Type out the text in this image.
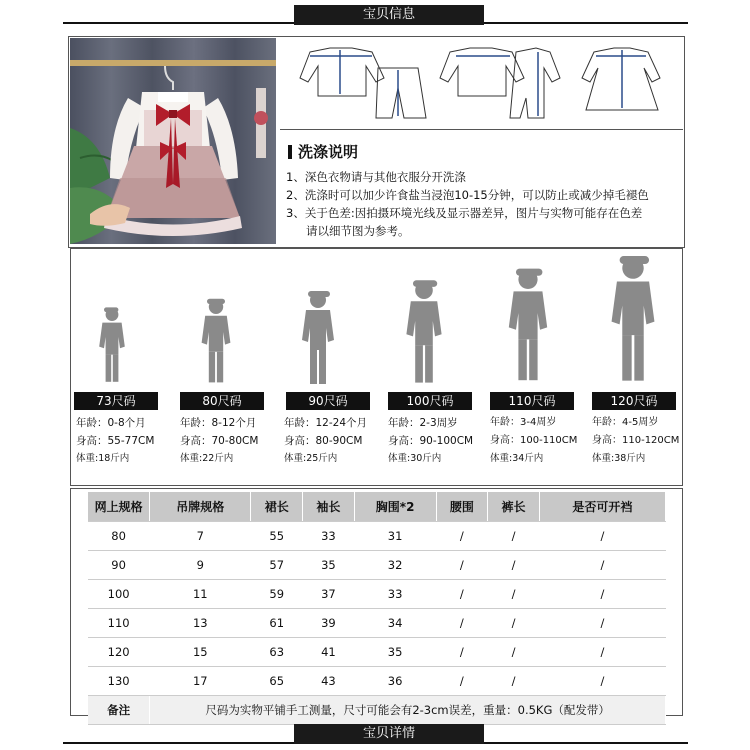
宝贝信息
洗涤说明
1、深色衣物请与其他衣服分开洗涤
2、洗涤时可以加少许食盐当浸泡10-15分钟，可以防止或减少掉毛褪色
3、关于色差:因拍摄环境光线及显示器差异，图片与实物可能存在色差
请以细节图为参考。
73尺码	80尺码	90尺码	100尺码	110尺码	120尺码
年龄：0-8个月
身高：55-77CM
体重:18斤内
年龄：8-12个月
身高：70-80CM
体重:22斤内
年龄：12-24个月
身高：80-90CM
体重:25斤内
年龄：2-3周岁
身高：90-100CM
体重:30斤内
年龄：3-4周岁
身高：100-110CM
体重:34斤内
年龄：4-5周岁
身高：110-120CM
体重:38斤内
网上规格	吊牌规格	裙长	袖长	胸围*2	腰围	裤长	是否可开裆
80	7	55	33	31	/	/	/
90	9	57	35	32	/	/	/
100	11	59	37	33	/	/	/
110	13	61	39	34	/	/	/
120	15	63	41	35	/	/	/
130	17	65	43	36	/	/	/
备注	尺码为实物平铺手工测量，尺寸可能会有2-3cm误差，重量：0.5KG（配发带）						
宝贝详情
